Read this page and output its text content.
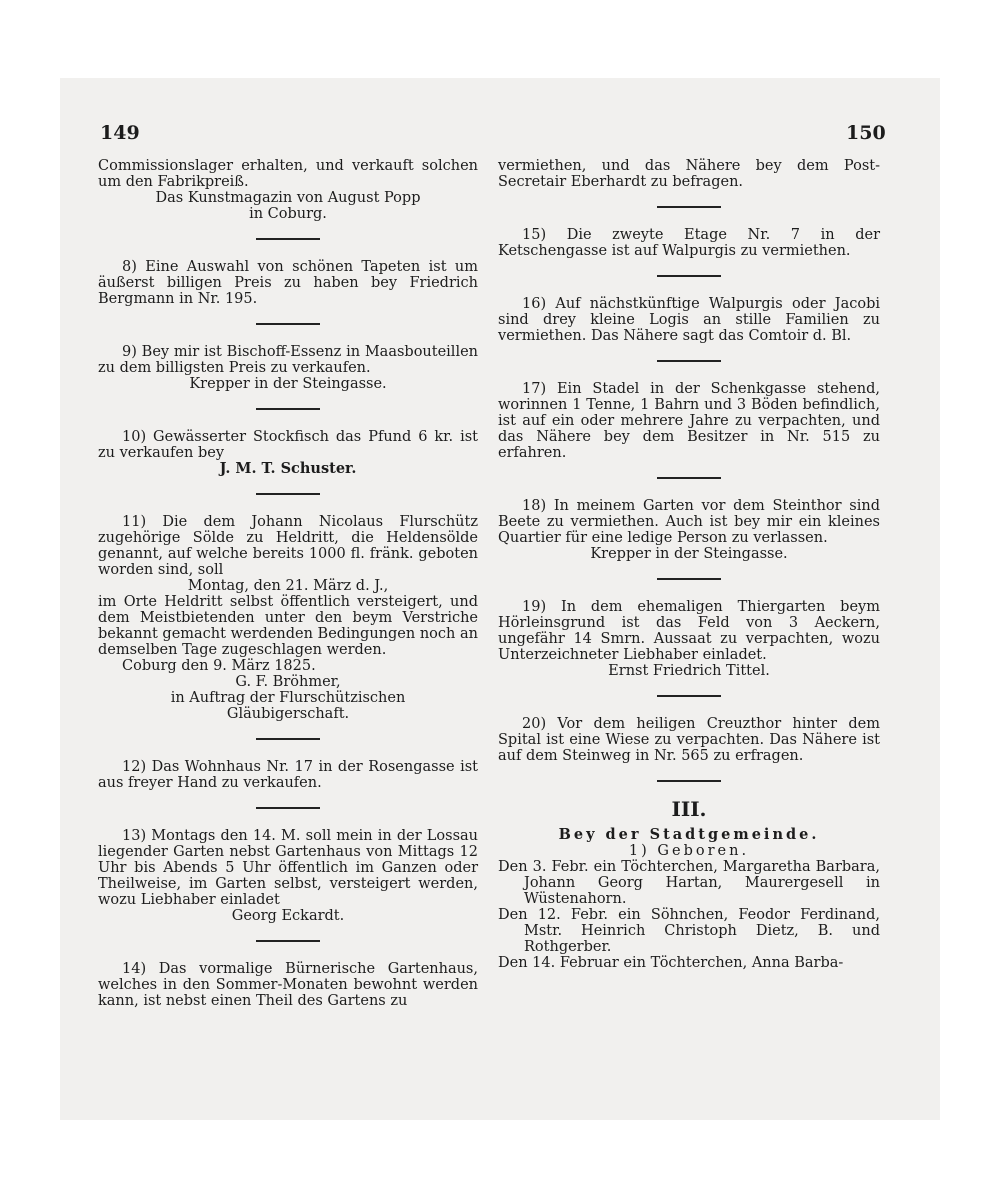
149	150

Commissionslager erhalten, und verkauft solchen um den Fabrikpreiß.

Das Kunstmagazin von August Popp

in Coburg.

8) Eine Auswahl von schönen Tapeten ist um äußerst billigen Preis zu haben bey Friedrich Bergmann in Nr. 195.

9) Bey mir ist Bischoff-Essenz in Maasbouteillen zu dem billigsten Preis zu verkaufen.

Krepper in der Steingasse.

10) Gewässerter Stockfisch das Pfund 6 kr. ist zu verkaufen bey

J. M. T. Schuster.

11) Die dem Johann Nicolaus Flurschütz zugehörige Sölde zu Heldritt, die Heldensölde genannt, auf welche bereits 1000 fl. fränk. geboten worden sind, soll

Montag, den 21. März d. J.,

im Orte Heldritt selbst öffentlich versteigert, und dem Meistbietenden unter den beym Verstriche bekannt gemacht werdenden Bedingungen noch an demselben Tage zugeschlagen werden.

Coburg den 9. März 1825.

G. F. Bröhmer,

in Auftrag der Flurschützischen

Gläubigerschaft.

12) Das Wohnhaus Nr. 17 in der Rosengasse ist aus freyer Hand zu verkaufen.

13) Montags den 14. M. soll mein in der Lossau liegender Garten nebst Gartenhaus von Mittags 12 Uhr bis Abends 5 Uhr öffentlich im Ganzen oder Theilweise, im Garten selbst, versteigert werden, wozu Liebhaber einladet

Georg Eckardt.

14) Das vormalige Bürnerische Gartenhaus, welches in den Sommer-Monaten bewohnt werden kann, ist nebst einen Theil des Gartens zu

vermiethen, und das Nähere bey dem Post-Secretair Eberhardt zu befragen.

15) Die zweyte Etage Nr. 7 in der Ketschengasse ist auf Walpurgis zu vermiethen.

16) Auf nächstkünftige Walpurgis oder Jacobi sind drey kleine Logis an stille Familien zu vermiethen. Das Nähere sagt das Comtoir d. Bl.

17) Ein Stadel in der Schenkgasse stehend, worinnen 1 Tenne, 1 Bahrn und 3 Böden befindlich, ist auf ein oder mehrere Jahre zu verpachten, und das Nähere bey dem Besitzer in Nr. 515 zu erfahren.

18) In meinem Garten vor dem Steinthor sind Beete zu vermiethen. Auch ist bey mir ein kleines Quartier für eine ledige Person zu verlassen.

Krepper in der Steingasse.

19) In dem ehemaligen Thiergarten beym Hörleinsgrund ist das Feld von 3 Aeckern, ungefähr 14 Smrn. Aussaat zu verpachten, wozu Unterzeichneter Liebhaber einladet.

Ernst Friedrich Tittel.

20) Vor dem heiligen Creuzthor hinter dem Spital ist eine Wiese zu verpachten. Das Nähere ist auf dem Steinweg in Nr. 565 zu erfragen.

III.

Bey der Stadtgemeinde.

1) Geboren.

Den 3. Febr. ein Töchterchen, Margaretha Barbara, Johann Georg Hartan, Maurergesell in Wüstenahorn.

Den 12. Febr. ein Söhnchen, Feodor Ferdinand, Mstr. Heinrich Christoph Dietz, B. und Rothgerber.

Den 14. Februar ein Töchterchen, Anna Barba-
